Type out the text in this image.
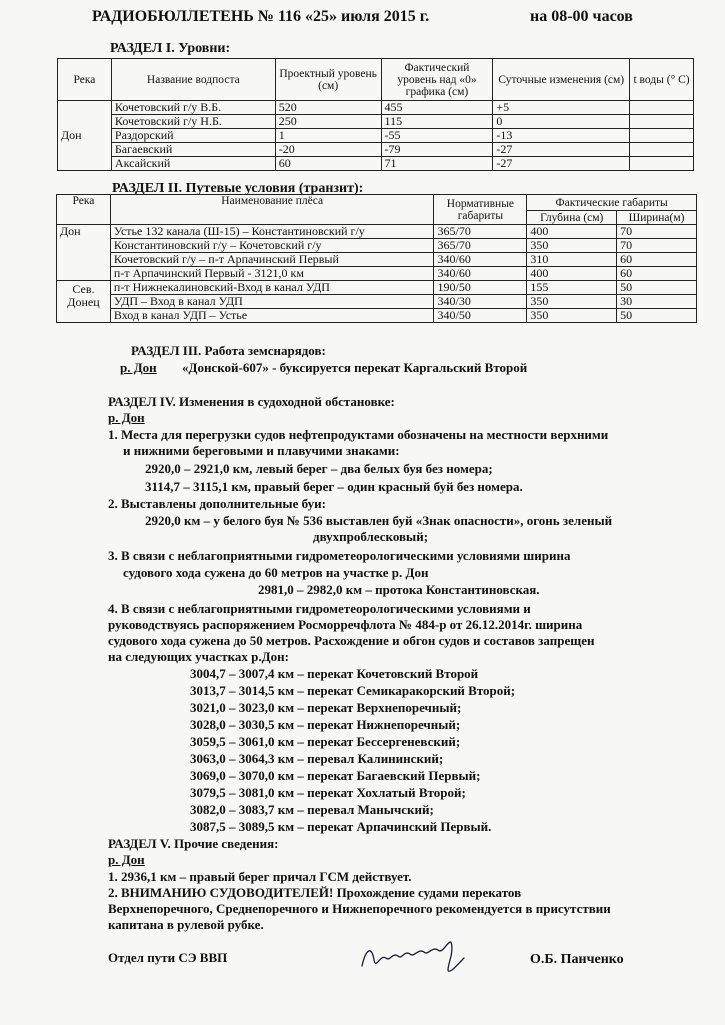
РАДИОБЮЛЛЕТЕНЬ № 116 «25» июля 2015 г.	на 08-00 часов
РАЗДЕЛ I. Уровни:
Река	Название водпоста	Проектный уровень (см)	Фактический уровень над «0» графика (см)	Суточные изменения (см)	t воды (° С)
Дон	Кочетовский г/у В.Б.	520	455	+5	
	Кочетовский г/у Н.Б.	250	115	0	
	Раздорский	1	-55	-13	
	Багаевский	-20	-79	-27	
	Аксайский	60	71	-27	
РАЗДЕЛ II. Путевые условия (транзит):
Река	Наименование плёса	Нормативные габариты	Фактические габариты	
			Глубина (см)	Ширина(м)
Дон	Устье 132 канала (Ш-15) – Константиновский г/у	365/70	400	70
	Константиновский г/у – Кочетовский г/у	365/70	350	70
	Кочетовский г/у – п-т Арпачинский Первый	340/60	310	60
	п-т Арпачинский Первый - 3121,0 км	340/60	400	60
Сев. Донец	п-т Нижнекалиновский-Вход в канал УДП	190/50	155	50
	УДП – Вход в канал УДП	340/30	350	30
	Вход в канал УДП – Устье	340/50	350	50
РАЗДЕЛ III. Работа земснарядов:
р. Дон «Донской-607» - буксируется перекат Каргальский Второй
РАЗДЕЛ IV. Изменения в судоходной обстановке:
р. Дон
1. Места для перегрузки судов нефтепродуктами обозначены на местности верхними
и нижними береговыми и плавучими знаками:
2920,0 – 2921,0 км, левый берег – два белых буя без номера;
3114,7 – 3115,1 км, правый берег – один красный буй без номера.
2. Выставлены дополнительные буи:
2920,0 км – у белого буя № 536 выставлен буй «Знак опасности», огонь зеленый
двухпроблесковый;
3. В связи с неблагоприятными гидрометеорологическими условиями ширина
судового хода сужена до 60 метров на участке р. Дон
2981,0 – 2982,0 км – протока Константиновская.
4. В связи с неблагоприятными гидрометеорологическими условиями и
руководствуясь распоряжением Росморречфлота № 484-р от 26.12.2014г. ширина
судового хода сужена до 50 метров. Расхождение и обгон судов и составов запрещен
на следующих участках р.Дон:
3004,7 – 3007,4 км – перекат Кочетовский Второй
3013,7 – 3014,5 км – перекат Семикаракорский Второй;
3021,0 – 3023,0 км – перекат Верхнепоречный;
3028,0 – 3030,5 км – перекат Нижнепоречный;
3059,5 – 3061,0 км – перекат Бессергеневский;
3063,0 – 3064,3 км – перевал Калининский;
3069,0 – 3070,0 км – перекат Багаевский Первый;
3079,5 – 3081,0 км – перекат Хохлатый Второй;
3082,0 – 3083,7 км – перевал Манычский;
3087,5 – 3089,5 км – перекат Арпачинский Первый.
РАЗДЕЛ V. Прочие сведения:
р. Дон
1. 2936,1 км – правый берег причал ГСМ действует.
2. ВНИМАНИЮ СУДОВОДИТЕЛЕЙ! Прохождение судами перекатов
Верхнепоречного, Среднепоречного и Нижнепоречного рекомендуется в присутствии
капитана в рулевой рубке.
Отдел пути СЭ ВВП	О.Б. Панченко
